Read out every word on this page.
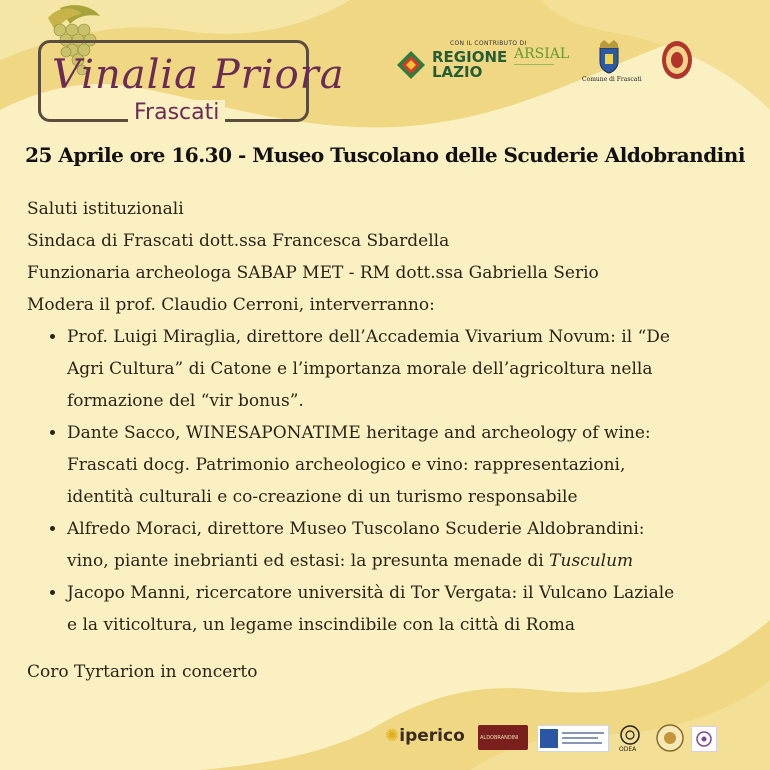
Vinalia Priora
Frascati
CON IL CONTRIBUTO DI
REGIONE
LAZIO
ARSIAL
Comune di Frascati
25 Aprile ore 16.30 - Museo Tuscolano delle Scuderie Aldobrandini

Saluti istituzionali

Sindaca di Frascati dott.ssa Francesca Sbardella

Funzionaria archeologa SABAP MET - RM dott.ssa Gabriella Serio

Modera il prof. Claudio Cerroni, interverranno:

• Prof. Luigi Miraglia, direttore dell’Accademia Vivarium Novum: il “De
Agri Cultura” di Catone e l’importanza morale dell’agricoltura nella
formazione del “vir bonus”.
• Dante Sacco, WINESAPONATIME heritage and archeology of wine:
Frascati docg. Patrimonio archeologico e vino: rappresentazioni,
identità culturali e co-creazione di un turismo responsabile
• Alfredo Moraci, direttore Museo Tuscolano Scuderie Aldobrandini:
vino, piante inebrianti ed estasi: la presunta menade di Tusculum
• Jacopo Manni, ricercatore università di Tor Vergata: il Vulcano Laziale
e la viticoltura, un legame inscindibile con la città di Roma
Coro Tyrtarion in concerto
✺iperico	ALDOBRANDINI
ODEA
